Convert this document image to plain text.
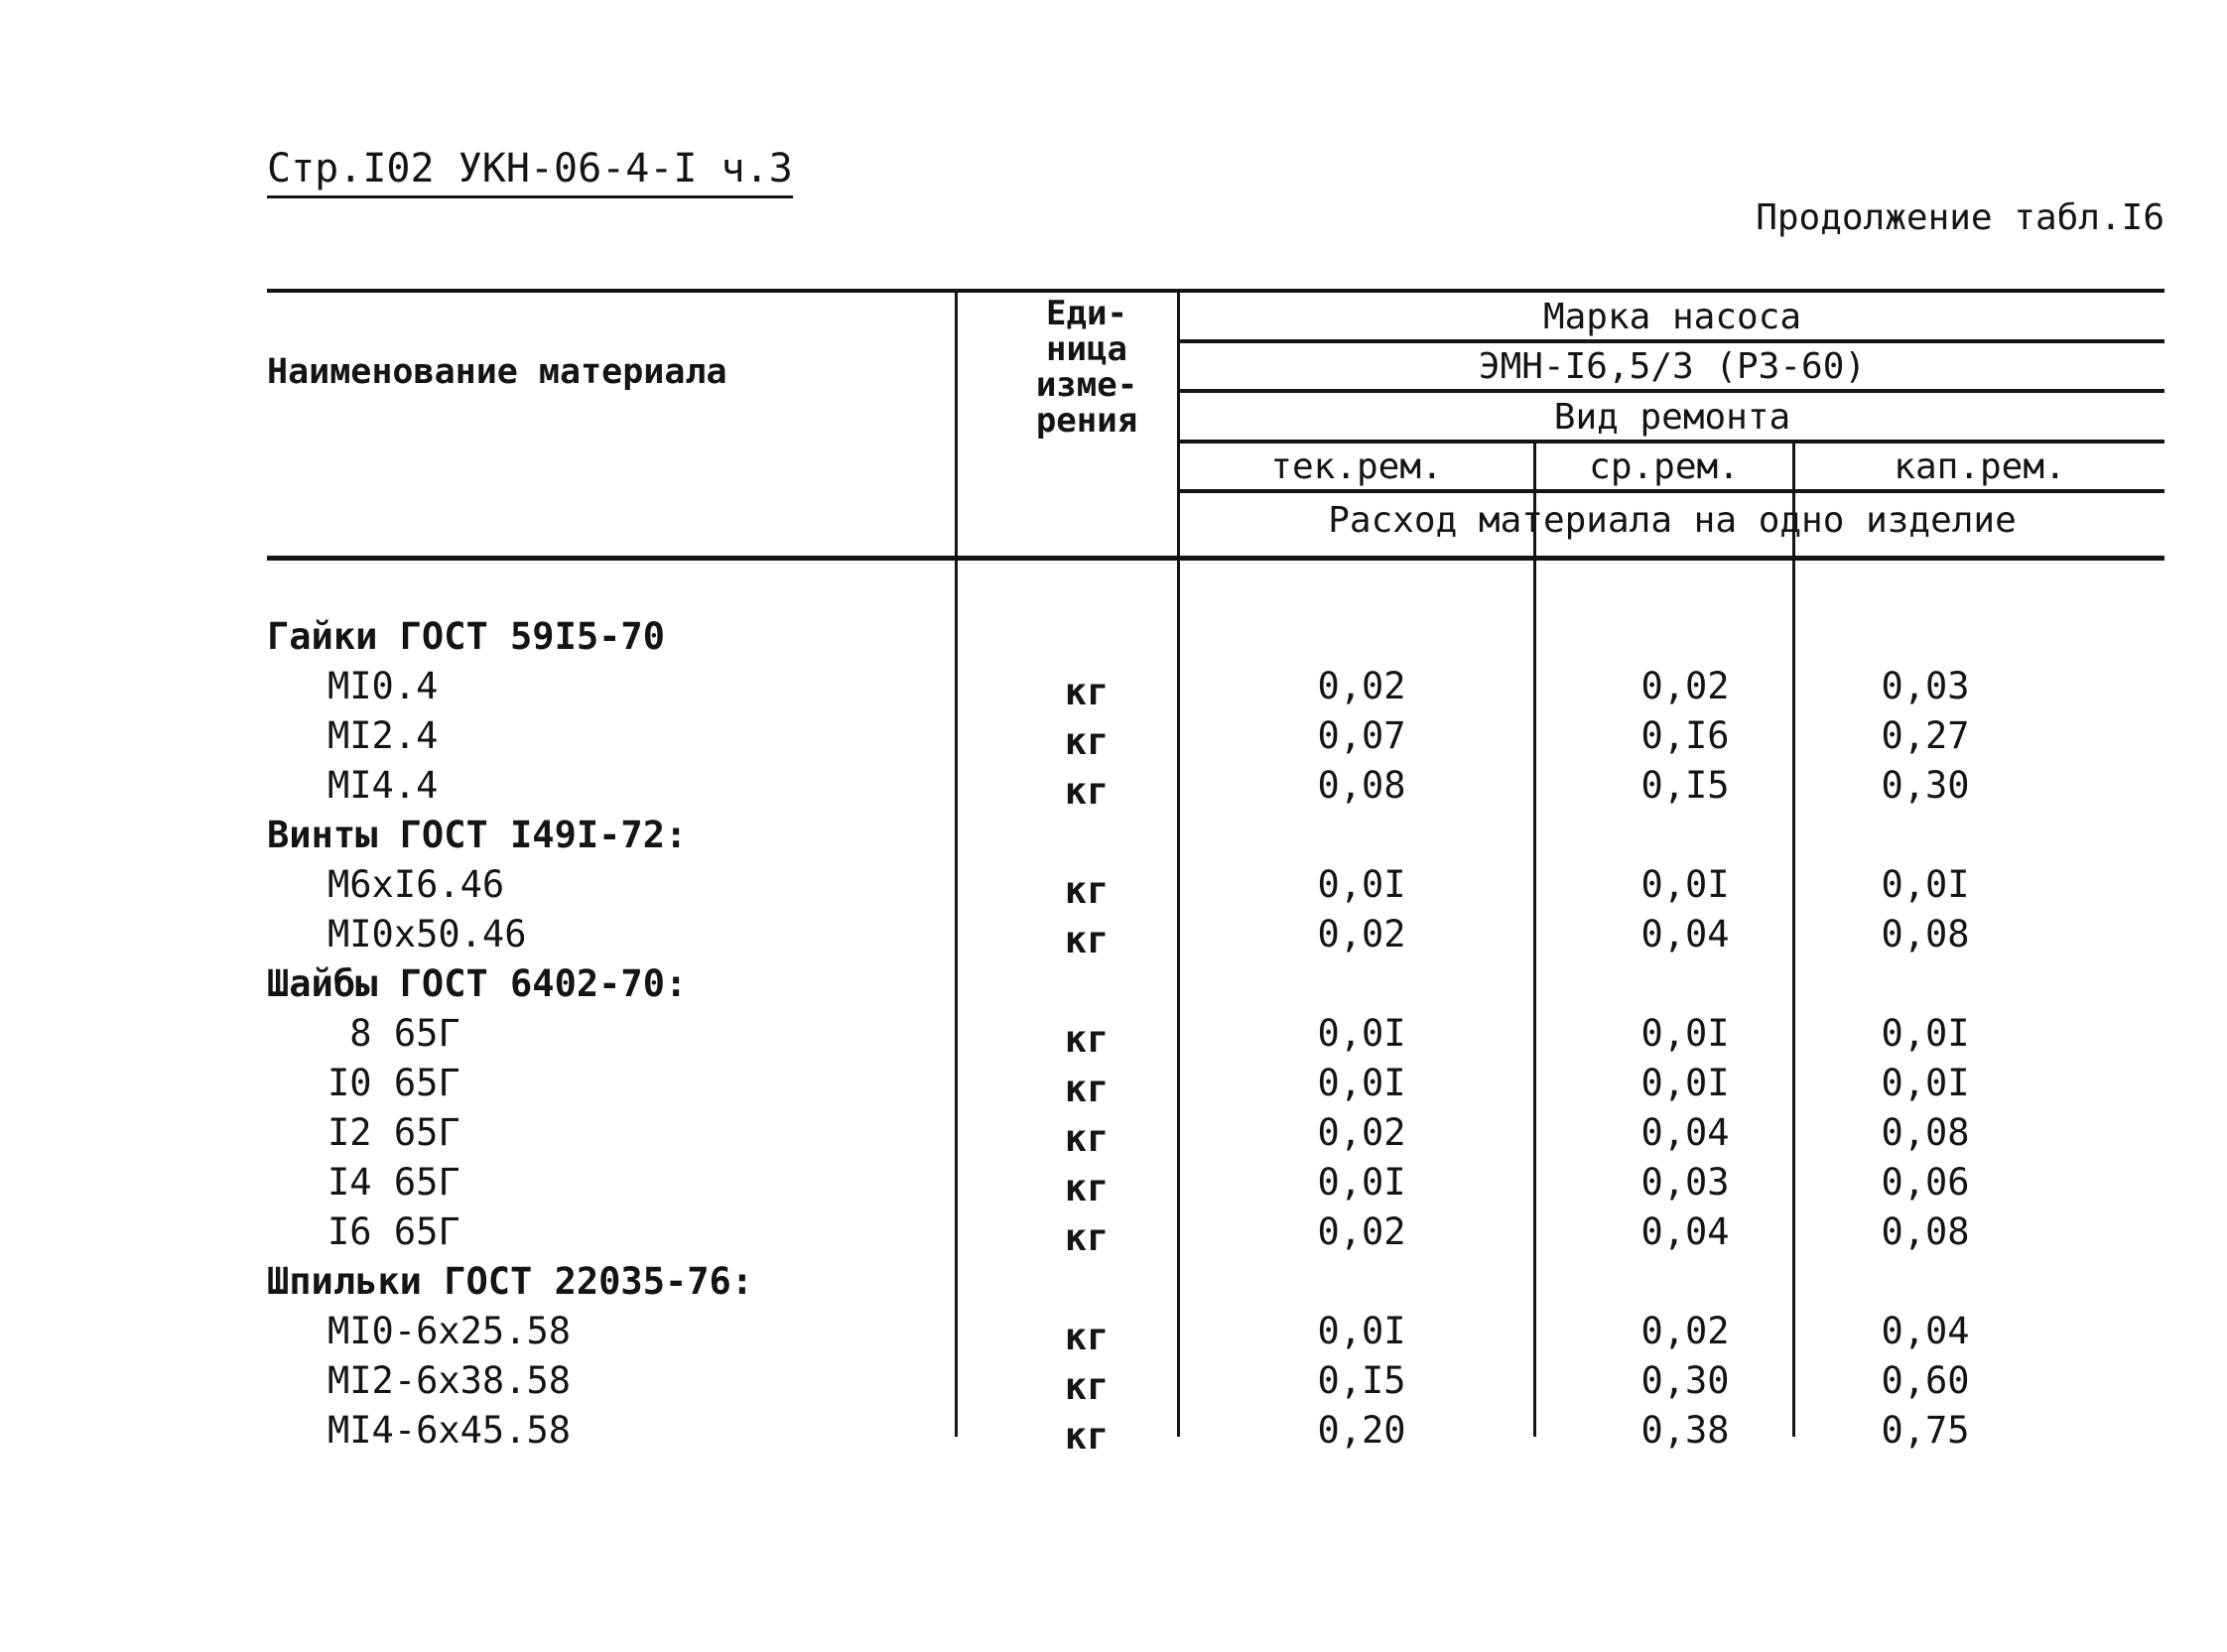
Стр.I02 УКН-06-4-I ч.3
Продолжение табл.I6
Наименование материала
Еди-
ница
изме-
рения
Марка насоса
ЭМН-I6,5/3 (РЗ-60)
Вид ремонта
тек.рем.	ср.рем.	кап.рем.
Расход материала на одно изделие
Гайки ГОСТ 59I5-70
МI0.4	кг	0,02	0,02	0,03
МI2.4	кг	0,07	0,I6	0,27
МI4.4	кг	0,08	0,I5	0,30
Винты ГОСТ I49I-72:
М6хI6.46	кг	0,0I	0,0I	0,0I
МI0х50.46	кг	0,02	0,04	0,08
Шайбы ГОСТ 6402-70:
8 65Г	кг	0,0I	0,0I	0,0I
I0 65Г	кг	0,0I	0,0I	0,0I
I2 65Г	кг	0,02	0,04	0,08
I4 65Г	кг	0,0I	0,03	0,06
I6 65Г	кг	0,02	0,04	0,08
Шпильки ГОСТ 22035-76:
МI0-6х25.58	кг	0,0I	0,02	0,04
МI2-6х38.58	кг	0,I5	0,30	0,60
МI4-6х45.58	кг	0,20	0,38	0,75
